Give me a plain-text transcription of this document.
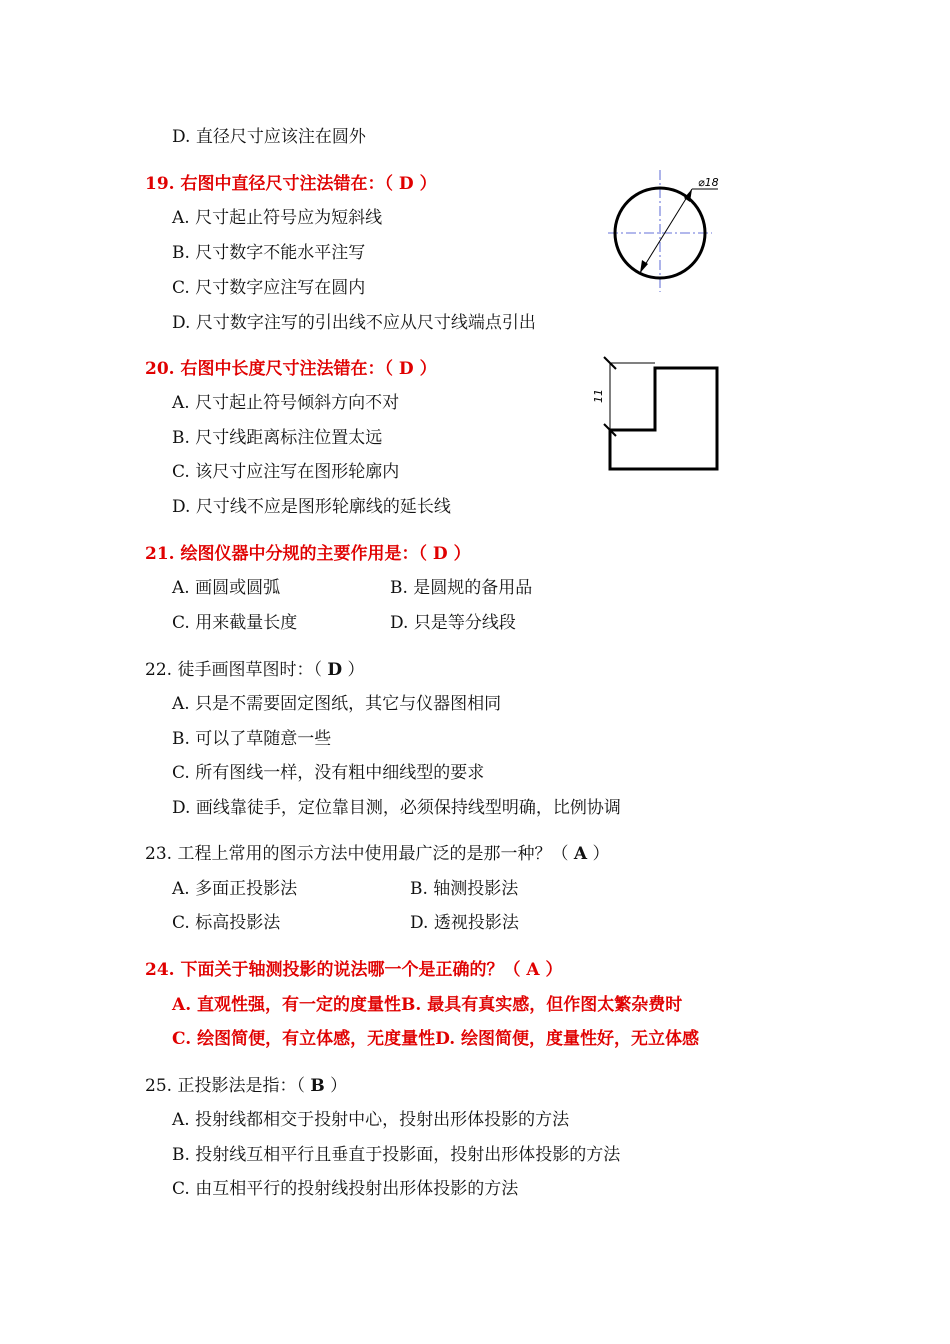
D. 直径尺寸应该注在圆外
19. 右图中直径尺寸注法错在：（ D ）
A. 尺寸起止符号应为短斜线
B. 尺寸数字不能水平注写
C. 尺寸数字应注写在圆内
D. 尺寸数字注写的引出线不应从尺寸线端点引出
⌀18
20. 右图中长度尺寸注法错在：（ D ）
A. 尺寸起止符号倾斜方向不对
B. 尺寸线距离标注位置太远
C. 该尺寸应注写在图形轮廓内
D. 尺寸线不应是图形轮廓线的延长线
11
21. 绘图仪器中分规的主要作用是：（ D ）
A. 画圆或圆弧	B. 是圆规的备用品
C. 用来截量长度	D. 只是等分线段
22. 徒手画图草图时：（ D ）
A. 只是不需要固定图纸，其它与仪器图相同
B. 可以了草随意一些
C. 所有图线一样，没有粗中细线型的要求
D. 画线靠徒手，定位靠目测，必须保持线型明确，比例协调
23. 工程上常用的图示方法中使用最广泛的是那一种？（ A ）
A. 多面正投影法	B. 轴测投影法
C. 标高投影法	D. 透视投影法
24. 下面关于轴测投影的说法哪一个是正确的？（ A ）
A. 直观性强，有一定的度量性B. 最具有真实感，但作图太繁杂费时
C. 绘图简便，有立体感，无度量性D. 绘图简便，度量性好，无立体感
25. 正投影法是指：（ B ）
A. 投射线都相交于投射中心，投射出形体投影的方法
B. 投射线互相平行且垂直于投影面，投射出形体投影的方法
C. 由互相平行的投射线投射出形体投影的方法
